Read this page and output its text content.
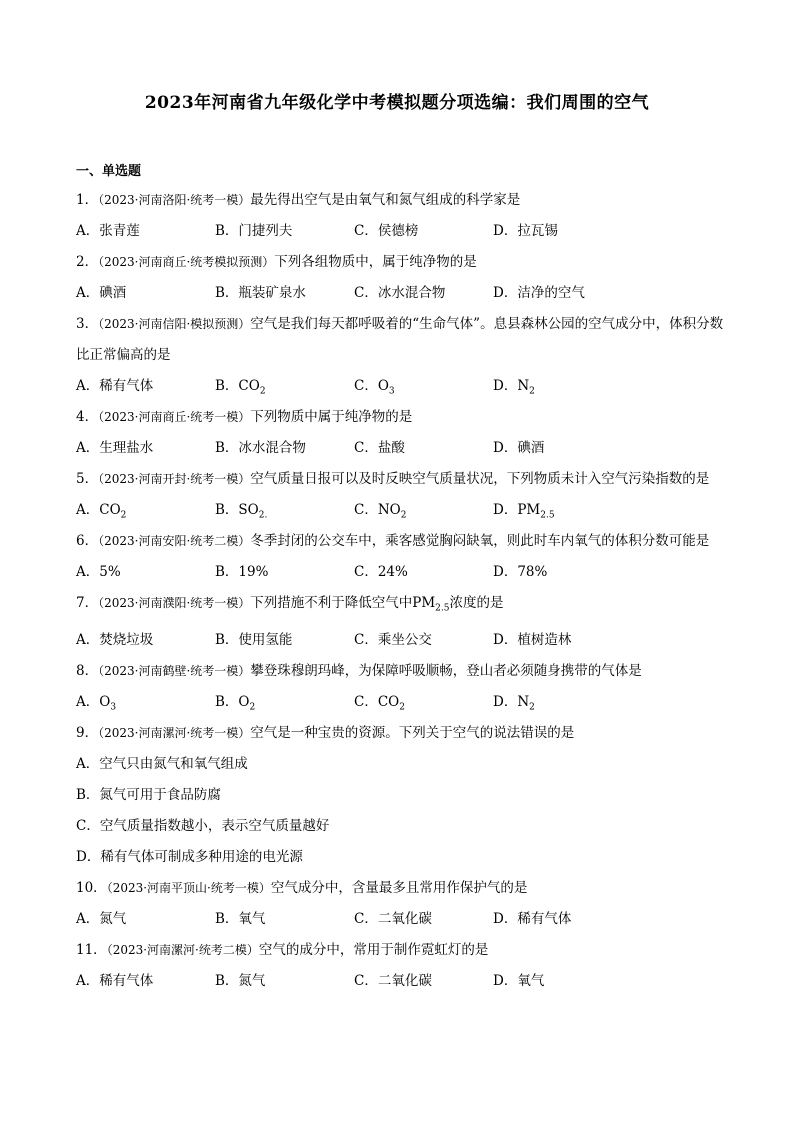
2023年河南省九年级化学中考模拟题分项选编：我们周围的空气
一、单选题
1．（2023·河南洛阳·统考一模）最先得出空气是由氧气和氮气组成的科学家是
A．张青莲	B．门捷列夫	C．侯德榜	D．拉瓦锡
2．（2023·河南商丘·统考模拟预测）下列各组物质中，属于纯净物的是
A．碘酒	B．瓶装矿泉水	C．冰水混合物	D．洁净的空气
3．（2023·河南信阳·模拟预测）空气是我们每天都呼吸着的“生命气体”。息县森林公园的空气成分中，体积分数比正常偏高的是
A．稀有气体	B．$CO_2$	C．$O_3$	D．$N_2$
4．（2023·河南商丘·统考一模）下列物质中属于纯净物的是
A．生理盐水	B．冰水混合物	C．盐酸	D．碘酒
5．（2023·河南开封·统考一模）空气质量日报可以及时反映空气质量状况，下列物质未计入空气污染指数的是
A．$CO_2$	B．$SO_{2.}$	C．$NO_2$	D．$PM_{2.5}$
6．（2023·河南安阳·统考二模）冬季封闭的公交车中，乘客感觉胸闷缺氧，则此时车内氧气的体积分数可能是
A．5%	B．19%	C．24%	D．78%
7．（2023·河南濮阳·统考一模）下列措施不利于降低空气中$PM_{2.5}$浓度的是
A．焚烧垃圾	B．使用氢能	C．乘坐公交	D．植树造林
8．（2023·河南鹤壁·统考一模）攀登珠穆朗玛峰，为保障呼吸顺畅，登山者必须随身携带的气体是
A．$O_3$	B．$O_2$	C．$CO_2$	D．$N_2$
9．（2023·河南漯河·统考一模）空气是一种宝贵的资源。下列关于空气的说法错误的是
A．空气只由氮气和氧气组成
B．氮气可用于食品防腐
C．空气质量指数越小，表示空气质量越好
D．稀有气体可制成多种用途的电光源
10．（2023·河南平顶山·统考一模）空气成分中，含量最多且常用作保护气的是
A．氮气	B．氧气	C．二氧化碳	D．稀有气体
11．（2023·河南漯河·统考二模）空气的成分中，常用于制作霓虹灯的是
A．稀有气体	B．氮气	C．二氧化碳	D．氧气
